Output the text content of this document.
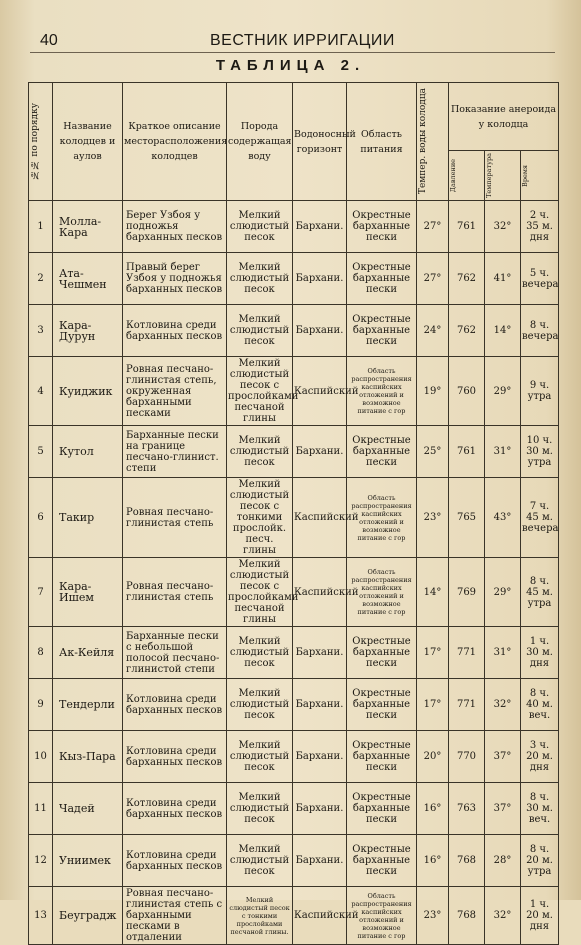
40	ВЕСТНИК ИРРИГАЦИИ
ТАБЛИЦА 2.
№№ по порядку	Название колодцев и аулов	Краткое описание месторасположения колодцев	Порода содержащая воду	Водоносный горизонт	Область питания	Темпер. воды колодца	Показание анероида у колодца		

							Давление	Температура	Время

1	Молла-Кара	Берег Узбоя у подножья барханных песков	Мелкий слюдистый песок	Бархани.	Окрестные барханные пески	27°	761	32°	2 ч. 35 м. дня
2	Ата-Чешмен	Правый берег Узбоя у подножья барханных песков	Мелкий слюдистый песок	Бархани.	Окрестные барханные пески	27°	762	41°	5 ч. вечера
3	Кара-Дурун	Котловина среди барханных песков	Мелкий слюдистый песок	Бархани.	Окрестные барханные пески	24°	762	14°	8 ч. вечера
4	Куиджик	Ровная песчано-глинистая степь, окруженная барханными песками	Мелкий слюдистый песок с прослойками песчаной глины	Каспийский	Область распространения каспийских отложений и возможное питание с гор	19°	760	29°	9 ч. утра
5	Кутол	Барханные пески на границе песчано-глинист. степи	Мелкий слюдистый песок	Бархани.	Окрестные барханные пески	25°	761	31°	10 ч. 30 м. утра
6	Такир	Ровная песчано-глинистая степь	Мелкий слюдистый песок с тонкими прослойк. песч. глины	Каспийский	Область распространения каспийских отложений и возможное питание с гор	23°	765	43°	7 ч. 45 м. вечера
7	Кара-Ишем	Ровная песчано-глинистая степь	Мелкий слюдистый песок с прослойками песчаной глины	Каспийский	Область распространения каспийских отложений и возможное питание с гор	14°	769	29°	8 ч. 45 м. утра
8	Ак-Кейля	Барханные пески с небольшой полосой песчано-глинистой степи	Мелкий слюдистый песок	Бархани.	Окрестные барханные пески	17°	771	31°	1 ч. 30 м. дня
9	Тендерли	Котловина среди барханных песков	Мелкий слюдистый песок	Бархани.	Окрестные барханные пески	17°	771	32°	8 ч. 40 м. веч.
10	Кыз-Пара	Котловина среди барханных песков	Мелкий слюдистый песок	Бархани.	Окрестные барханные пески	20°	770	37°	3 ч. 20 м. дня
11	Чадей	Котловина среди барханных песков	Мелкий слюдистый песок	Бархани.	Окрестные барханные пески	16°	763	37°	8 ч. 30 м. веч.
12	Униимек	Котловина среди барханных песков	Мелкий слюдистый песок	Бархани.	Окрестные барханные пески	16°	768	28°	8 ч. 20 м. утра
13	Беуградж	Ровная песчано-глинистая степь с барханными песками в отдалении	Мелкий слюдистый песок с тонкими прослойками песчаной глины.	Каспийский	Область распространения каспийских отложений и возможное питание с гор	23°	768	32°	1 ч. 20 м. дня
